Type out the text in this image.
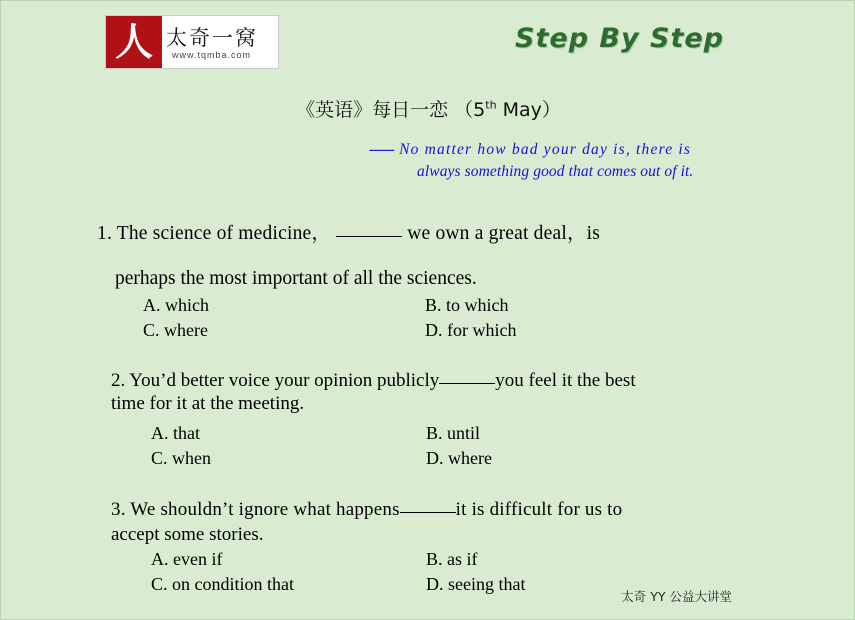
人 太奇一窝
www.tqmba.com
Step By Step
《英语》每日一恋 （5th May）
------ No matter how bad your day is, there is
always something good that comes out of it.
1. The science of medicine，	we own a great deal，is
perhaps the most important of all the sciences.
A. which	B. to which
C. where	D. for which
2. You’d better voice your opinion publicly	you feel it the best
time for it at the meeting.
A. that	B. until
C. when	D. where
3. We shouldn’t ignore what happens	it is difficult for us to
accept some stories.
A. even if	B. as if
C. on condition that	D. seeing that
太奇 YY 公益大讲堂
